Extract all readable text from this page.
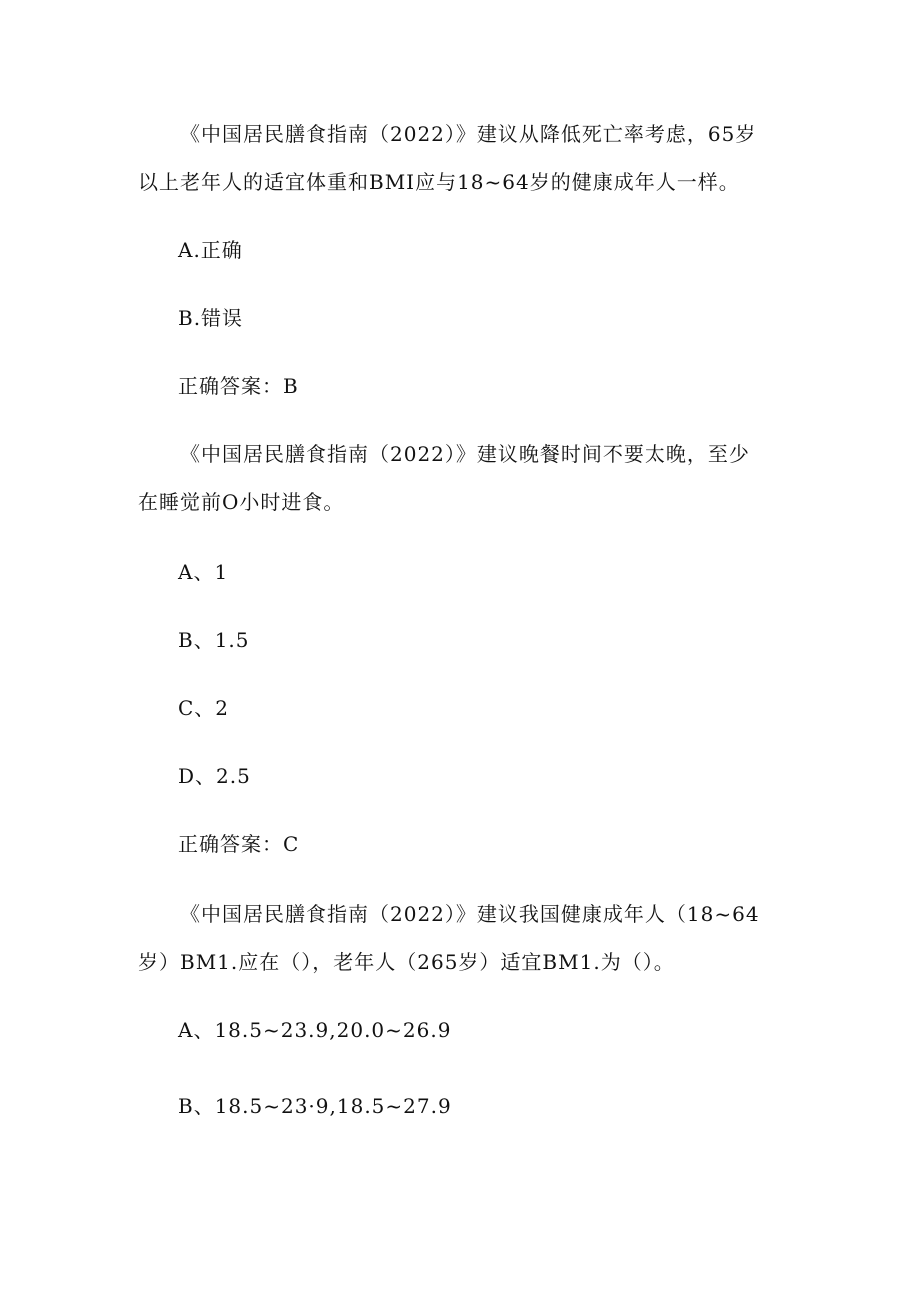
《中国居民膳食指南（2022）》建议从降低死亡率考虑，65岁
以上老年人的适宜体重和BMI应与18~64岁的健康成年人一样。
A.正确
B.错误
正确答案：B
《中国居民膳食指南（2022）》建议晚餐时间不要太晚，至少
在睡觉前O小时进食。
A、1
B、1.5
C、2
D、2.5
正确答案：C
《中国居民膳食指南（2022）》建议我国健康成年人（18~64
岁）BM1.应在（），老年人（265岁）适宜BM1.为（）。
A、18.5~23.9,20.0~26.9
B、18.5~23·9,18.5~27.9
